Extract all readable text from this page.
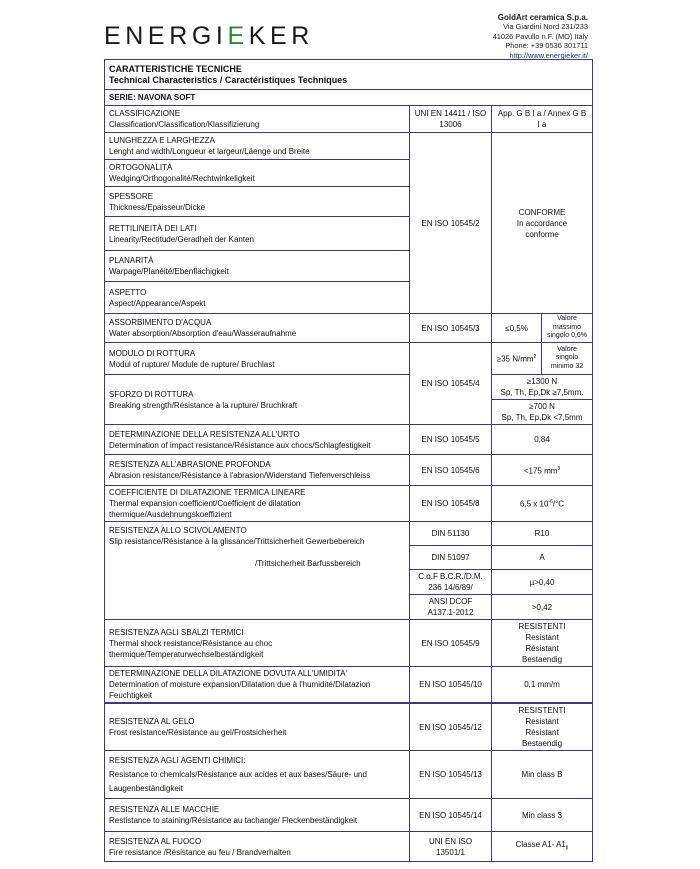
ENERGIEKER
GoldArt ceramica S.p.a.
Via Giardini Nord 231/233
41026 Pavullo n.F. (MO) Italy
Phone: +39 0536 301711
http://www.energieker.it/
CARATTERISTICHE TECNICHE
Technical Characteristics / Caractéristiques Techniques			

SERIE: NAVONA SOFT			

CLASSIFICAZIONE
Classification/Classification/Klassifizierung	UNI EN 14411 / ISO 13006	App. G B I a / Annex G B I a	

LUNGHEZZA E LARGHEZZA
Lenght and width/Longueur et largeur/Läenge und Breite	EN ISO 10545/2	CONFORME
In accordance
conforme	

ORTOGONALITÀ
Wedging/Orthogonalité/Rechtwinkeligkeit			

SPESSORE
Thickness/Epaisseur/Dicke			

RETTILINEITÀ DEI LATI
Linearity/Rectitude/Geradheit der Kanten			

PLANARITÀ
Warpage/Planéité/Ebenflächigkeit			

ASPETTO
Aspect/Appearance/Aspekt			

ASSORBIMENTO D'ACQUA
Water absorption/Absorption d'eau/Wasseraufnahme	EN ISO 10545/3	≤0,5%	Valore massimo singolo 0,6%

MODULO DI ROTTURA
Modul of rupture/ Module de rupture/ Bruchlast	EN ISO 10545/4	≥35 $N/mm^2$	Valore singolo minimo 32

SFORZO DI ROTTURA
Breaking strength/Résistance à la rupture/ Bruchkraft		≥1300 N
Sp, Th, Ep,Dk ≥7,5mm.	

		≥700 N
Sp, Th, Ep,Dk <7,5mm	

DETERMINAZIONE DELLA RESISTENZA ALL'URTO
Determination of impact resistance/Résistance aux chocs/Schlagfestigkeit	EN ISO 10545/5	0,84	

RESISTENZA ALL'ABRASIONE PROFONDA
Abrasion resistance/Résistance à l'abrasion/Widerstand Tiefenverschleiss	EN ISO 10545/6	<175 $mm^3$

COEFFICIENTE DI DILATAZIONE TERMICA LINEARE
Thermal expansion coefficient/Coefficient de dilatation
thermique/Ausdehnungskoeffizient	EN ISO 10545/8	6,5 x $10^{-6}/^\circ C$	

RESISTENZA ALLO SCIVOLAMENTO
Slip resistance/Résistance à la glissance/Trittsicherheit Gewerbebereich
/Trittsicherheit Barfussbereich	DIN 51130	R10	
	DIN 51097	A	
	C.o.F B.C.R./D.M. 236 14/6/89/	µ>0,40	
	ANSI DCOF A137.1-2012	>0,42	

RESISTENZA AGLI SBALZI TERMICI
Thermal shock resistance/Résistance au choc
thermique/Temperaturwechselbeständigkeit	EN ISO 10545/9	RESISTENTI
Resistant
Résistant
Bestaendig	

DETERMINAZIONE DELLA DILATAZIONE DOVUTA ALL'UMIDITA'
Determination of moisture expansion/Dilatation due à l'humidité/Dilatazion
Feuchtigkeit	EN ISO 10545/10	0,1 mm/m	
RESISTENZA AL GELO
Frost resistance/Résistance au gel/Frostsicherheit	EN ISO 10545/12	RESISTENTI
Resistant
Résistant
Bestaendig

RESISTENZA AGLI AGENTI CHIMICI:
Resistance to chemicals/Résistance aux acides et aux bases/Säure- und
Laugenbeständigkeit	EN ISO 10545/13	Min class B

RESISTENZA ALLE MACCHIE
Restistance to staining/Résistance au tachange/ Fleckenbeständigkeit	EN ISO 10545/14	Min class 3

RESISTENZA AL FUOCO
Fire resistance /Résistance au feu / Brandverhalten	UNI EN ISO 13501/1	Classe A1- $A1_{fl}$
